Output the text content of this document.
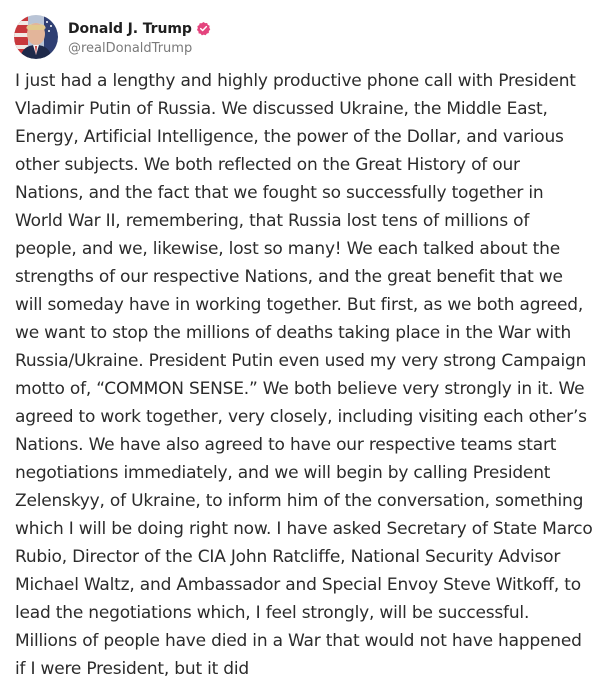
Donald J. Trump
@realDonaldTrump
I just had a lengthy and highly productive phone call with President Vladimir Putin of Russia. We discussed Ukraine, the Middle East, Energy, Artificial Intelligence, the power of the Dollar, and various other subjects. We both reflected on the Great History of our Nations, and the fact that we fought so successfully together in World War II, remembering, that Russia lost tens of millions of people, and we, likewise, lost so many! We each talked about the strengths of our respective Nations, and the great benefit that we will someday have in working together. But first, as we both agreed, we want to stop the millions of deaths taking place in the War with Russia/Ukraine. President Putin even used my very strong Campaign motto of, “COMMON SENSE.” We both believe very strongly in it. We agreed to work together, very closely, including visiting each other’s Nations. We have also agreed to have our respective teams start negotiations immediately, and we will begin by calling President Zelenskyy, of Ukraine, to inform him of the conversation, something which I will be doing right now. I have asked Secretary of State Marco Rubio, Director of the CIA John Ratcliffe, National Security Advisor Michael Waltz, and Ambassador and Special Envoy Steve Witkoff, to lead the negotiations which, I feel strongly, will be successful. Millions of people have died in a War that would not have happened if I were President, but it did
